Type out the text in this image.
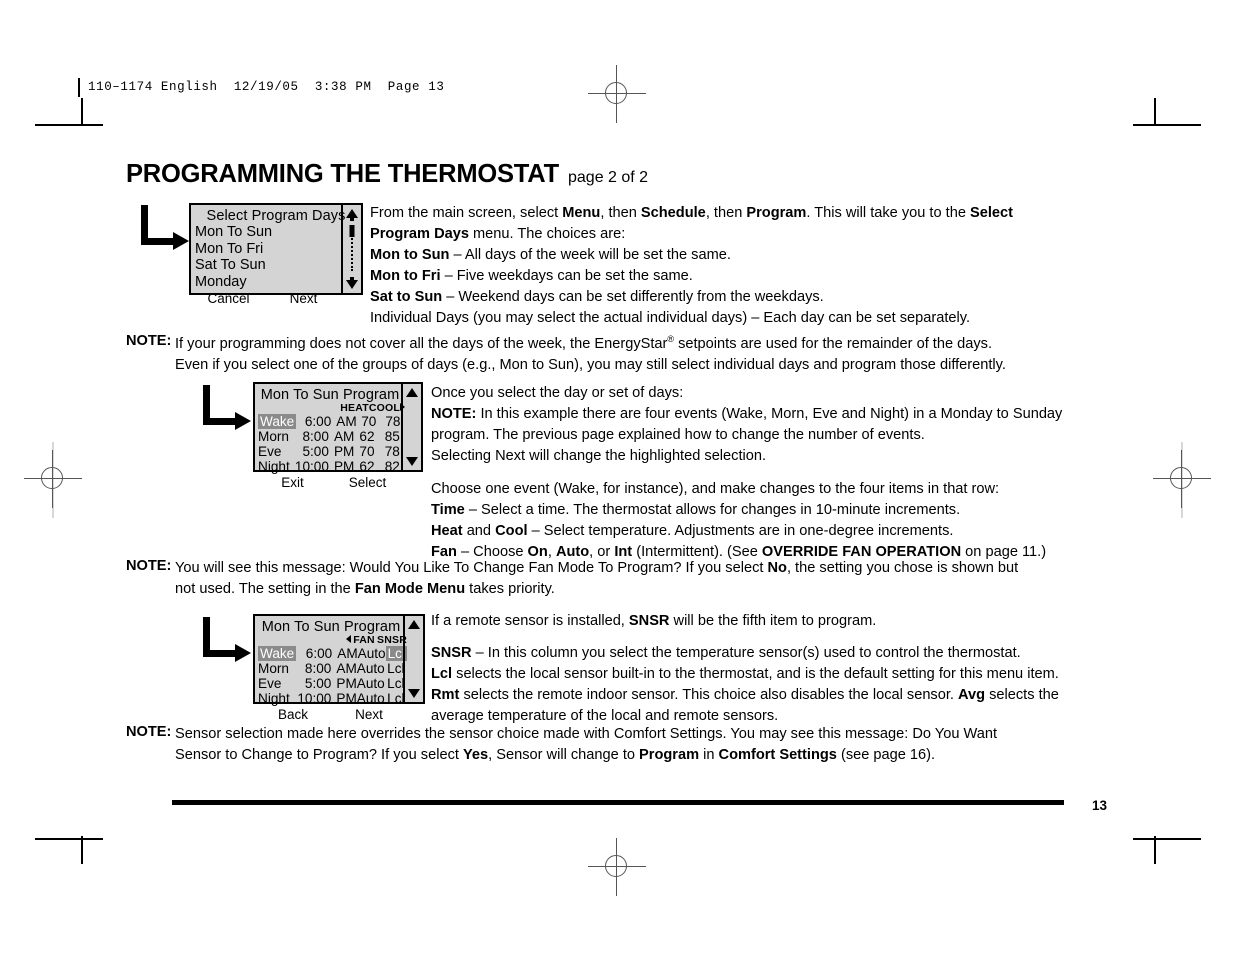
110–1174 English  12/19/05  3:38 PM  Page 13
PROGRAMMING THE THERMOSTAT page 2 of 2
Select Program Days
Mon To Sun
Mon To Fri
Sat To Sun
Monday
Cancel	Next
From the main screen, select Menu, then Schedule, then Program. This will take you to the Select Program Days menu. The choices are:
Mon to Sun – All days of the week will be set the same.
Mon to Fri – Five weekdays can be set the same.
Sat to Sun – Weekend days can be set differently from the weekdays.
Individual Days (you may select the actual individual days) – Each day can be set separately.
NOTE: If your programming does not cover all the days of the week, the EnergyStar® setpoints are used for the remainder of the days.
Even if you select one of the groups of days (e.g., Mon to Sun), you may still select individual days and program those differently.
Mon To Sun Program
HEAT COOL
Wake 6:00 AM 70 78
Morn 8:00 AM 62 85
Eve	5:00 PM 70 78
Night 10:00 PM 62 82
Exit	Select
Once you select the day or set of days:
NOTE: In this example there are four events (Wake, Morn, Eve and Night) in a Monday to Sunday program. The previous page explained how to change the number of events.
Selecting Next will change the highlighted selection.
Choose one event (Wake, for instance), and make changes to the four items in that row:
Time – Select a time. The thermostat allows for changes in 10-minute increments.
Heat and Cool – Select temperature. Adjustments are in one-degree increments.
Fan – Choose On, Auto, or Int (Intermittent). (See OVERRIDE FAN OPERATION on page 11.)
NOTE: You will see this message: Would You Like To Change Fan Mode To Program? If you select No, the setting you chose is shown but
not used. The setting in the Fan Mode Menu takes priority.
Mon To Sun Program
FAN SNSR
Wake 6:00 AM Auto Lcl
Morn	8:00 AM Auto Lcl
Eve	5:00 PM Auto Lcl
Night 10:00 PM Auto Lcl
Back	Next
If a remote sensor is installed, SNSR will be the fifth item to program.
SNSR – In this column you select the temperature sensor(s) used to control the thermostat.
Lcl selects the local sensor built-in to the thermostat, and is the default setting for this menu item. Rmt selects the remote indoor sensor. This choice also disables the local sensor. Avg selects the average temperature of the local and remote sensors.
NOTE: Sensor selection made here overrides the sensor choice made with Comfort Settings. You may see this message: Do You Want
Sensor to Change to Program? If you select Yes, Sensor will change to Program in Comfort Settings (see page 16).
13
